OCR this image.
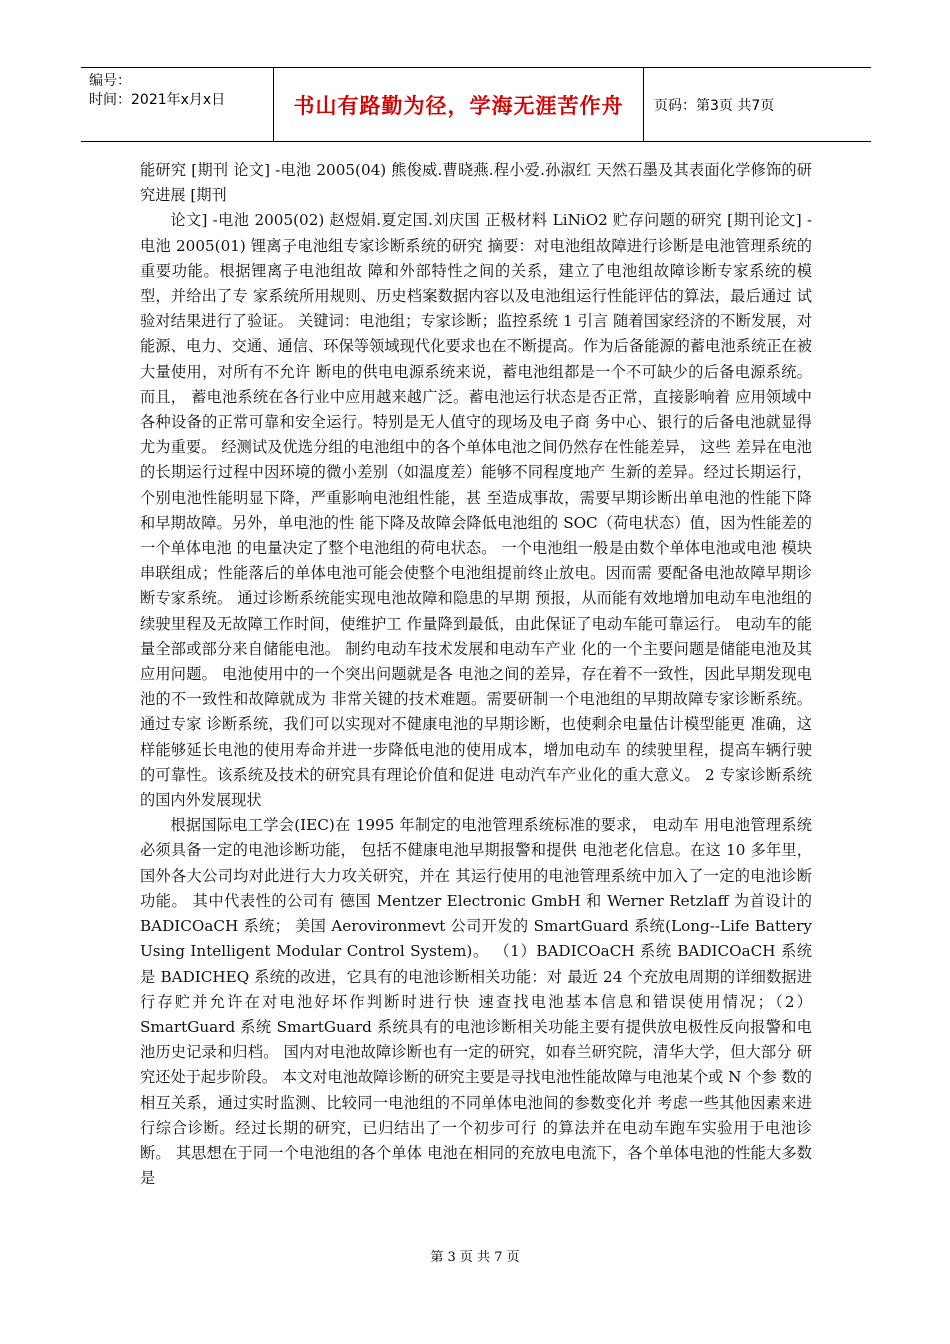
编号：
时间：2021年x月x日	书山有路勤为径，学海无涯苦作舟 页码：第3页 共7页

能研究 [期刊 论文] -电池 2005(04) 熊俊威.曹晓燕.程小爱.孙淑红 天然石墨及其表面化学修饰的研究进展 [期刊

论文] -电池 2005(02) 赵煜娟.夏定国.刘庆国 正极材料 LiNiO2 贮存问题的研究 [期刊论文] -电池 2005(01) 锂离子电池组专家诊断系统的研究 摘要：对电池组故障进行诊断是电池管理系统的重要功能。根据锂离子电池组故 障和外部特性之间的关系，建立了电池组故障诊断专家系统的模型，并给出了专 家系统所用规则、历史档案数据内容以及电池组运行性能评估的算法，最后通过 试验对结果进行了验证。 关键词：电池组；专家诊断；监控系统 1 引言 随着国家经济的不断发展，对能源、电力、交通、通信、环保等领域现代化要求也在不断提高。作为后备能源的蓄电池系统正在被大量使用，对所有不允许 断电的供电电源系统来说，蓄电池组都是一个不可缺少的后备电源系统。而且， 蓄电池系统在各行业中应用越来越广泛。蓄电池运行状态是否正常，直接影响着 应用领域中各种设备的正常可靠和安全运行。特别是无人值守的现场及电子商 务中心、银行的后备电池就显得尤为重要。 经测试及优选分组的电池组中的各个单体电池之间仍然存在性能差异， 这些 差异在电池的长期运行过程中因环境的微小差别（如温度差）能够不同程度地产 生新的差异。经过长期运行，个别电池性能明显下降，严重影响电池组性能，甚 至造成事故，需要早期诊断出单电池的性能下降和早期故障。另外，单电池的性 能下降及故障会降低电池组的 SOC（荷电状态）值，因为性能差的一个单体电池 的电量决定了整个电池组的荷电状态。 一个电池组一般是由数个单体电池或电池 模块串联组成；性能落后的单体电池可能会使整个电池组提前终止放电。因而需 要配备电池故障早期诊断专家系统。 通过诊断系统能实现电池故障和隐患的早期 预报，从而能有效地增加电动车电池组的续驶里程及无故障工作时间，使维护工 作量降到最低，由此保证了电动车能可靠运行。 电动车的能量全部或部分来自储能电池。 制约电动车技术发展和电动车产业 化的一个主要问题是储能电池及其应用问题。 电池使用中的一个突出问题就是各 电池之间的差异，存在着不一致性，因此早期发现电池的不一致性和故障就成为 非常关键的技术难题。需要研制一个电池组的早期故障专家诊断系统。通过专家 诊断系统，我们可以实现对不健康电池的早期诊断，也使剩余电量估计模型能更 准确，这样能够延长电池的使用寿命并进一步降低电池的使用成本，增加电动车 的续驶里程，提高车辆行驶的可靠性。该系统及技术的研究具有理论价值和促进 电动汽车产业化的重大意义。 2 专家诊断系统的国内外发展现状

根据国际电工学会(IEC)在 1995 年制定的电池管理系统标准的要求， 电动车 用电池管理系统必须具备一定的电池诊断功能， 包括不健康电池早期报警和提供 电池老化信息。在这 10 多年里，国外各大公司均对此进行大力攻关研究，并在 其运行使用的电池管理系统中加入了一定的电池诊断功能。 其中代表性的公司有 德国 Mentzer Electronic GmbH 和 Werner Retzlaff 为首设计的 BADICOaCH 系统； 美国 Aerovironmevt 公司开发的 SmartGuard 系统(Long--Life Battery Using Intelligent Modular Control System)。 （1）BADICOaCH 系统 BADICOaCH 系统是 BADICHEQ 系统的改进，它具有的电池诊断相关功能：对 最近 24 个充放电周期的详细数据进行存贮并允许在对电池好坏作判断时进行快 速查找电池基本信息和错误使用情况；（2）SmartGuard 系统 SmartGuard 系统具有的电池诊断相关功能主要有提供放电极性反向报警和电 池历史记录和归档。 国内对电池故障诊断也有一定的研究，如春兰研究院，清华大学，但大部分 研究还处于起步阶段。 本文对电池故障诊断的研究主要是寻找电池性能故障与电池某个或 N 个参 数的相互关系，通过实时监测、比较同一电池组的不同单体电池间的参数变化并 考虑一些其他因素来进行综合诊断。经过长期的研究，已归结出了一个初步可行 的算法并在电动车跑车实验用于电池诊断。 其思想在于同一个电池组的各个单体 电池在相同的充放电电流下，各个单体电池的性能大多数是

第 3 页 共 7 页
